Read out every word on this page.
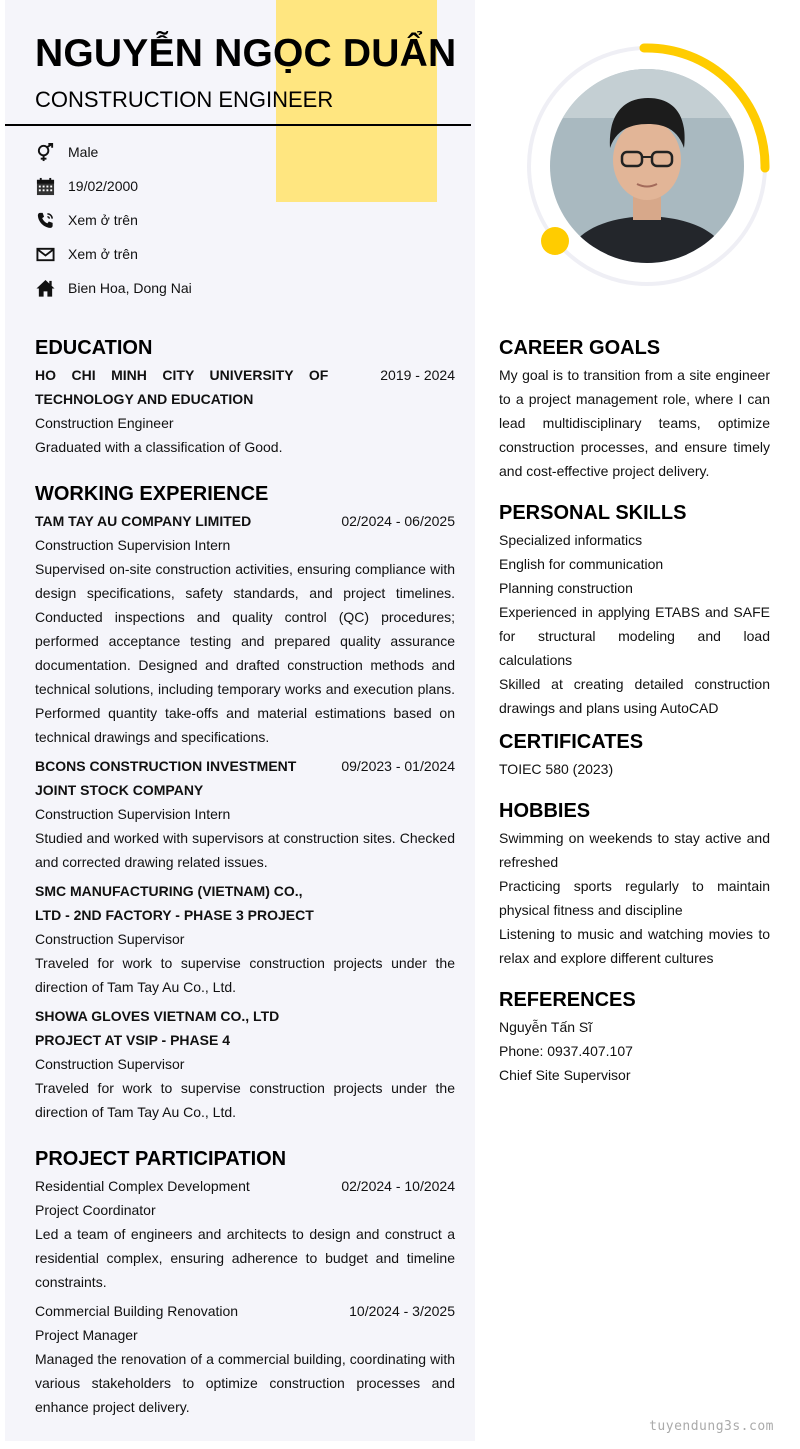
NGUYỄN NGỌC DUẨN
CONSTRUCTION ENGINEER
Male
19/02/2000
Xem ở trên
Xem ở trên
Bien Hoa, Dong Nai
EDUCATION
HO CHI MINH CITY UNIVERSITY OF TECHNOLOGY AND EDUCATION
2019 - 2024
Construction Engineer
Graduated with a classification of Good.
WORKING EXPERIENCE
TAM TAY AU COMPANY LIMITED	02/2024 - 06/2025
Construction Supervision Intern
Supervised on-site construction activities, ensuring compliance with design specifications, safety standards, and project timelines. Conducted inspections and quality control (QC) procedures; performed acceptance testing and prepared quality assurance documentation. Designed and drafted construction methods and technical solutions, including temporary works and execution plans. Performed quantity take-offs and material estimations based on technical drawings and specifications.
BCONS CONSTRUCTION INVESTMENT JOINT STOCK COMPANY
09/2023 - 01/2024
Construction Supervision Intern
Studied and worked with supervisors at construction sites. Checked and corrected drawing related issues.
SMC MANUFACTURING (VIETNAM) CO., LTD - 2ND FACTORY - PHASE 3 PROJECT
Construction Supervisor
Traveled for work to supervise construction projects under the direction of Tam Tay Au Co., Ltd.
SHOWA GLOVES VIETNAM CO., LTD PROJECT AT VSIP - PHASE 4
Construction Supervisor
Traveled for work to supervise construction projects under the direction of Tam Tay Au Co., Ltd.
PROJECT PARTICIPATION
Residential Complex Development	02/2024 - 10/2024
Project Coordinator
Led a team of engineers and architects to design and construct a residential complex, ensuring adherence to budget and timeline constraints.
Commercial Building Renovation	10/2024 - 3/2025
Project Manager
Managed the renovation of a commercial building, coordinating with various stakeholders to optimize construction processes and enhance project delivery.
CAREER GOALS
My goal is to transition from a site engineer to a project management role, where I can lead multidisciplinary teams, optimize construction processes, and ensure timely and cost-effective project delivery.
PERSONAL SKILLS
Specialized informatics
English for communication
Planning construction
Experienced in applying ETABS and SAFE for structural modeling and load calculations
Skilled at creating detailed construction drawings and plans using AutoCAD
CERTIFICATES
TOIEC 580 (2023)
HOBBIES
Swimming on weekends to stay active and refreshed
Practicing sports regularly to maintain physical fitness and discipline
Listening to music and watching movies to relax and explore different cultures
REFERENCES
Nguyễn Tấn Sĩ
Phone: 0937.407.107
Chief Site Supervisor
tuyendung3s.com
